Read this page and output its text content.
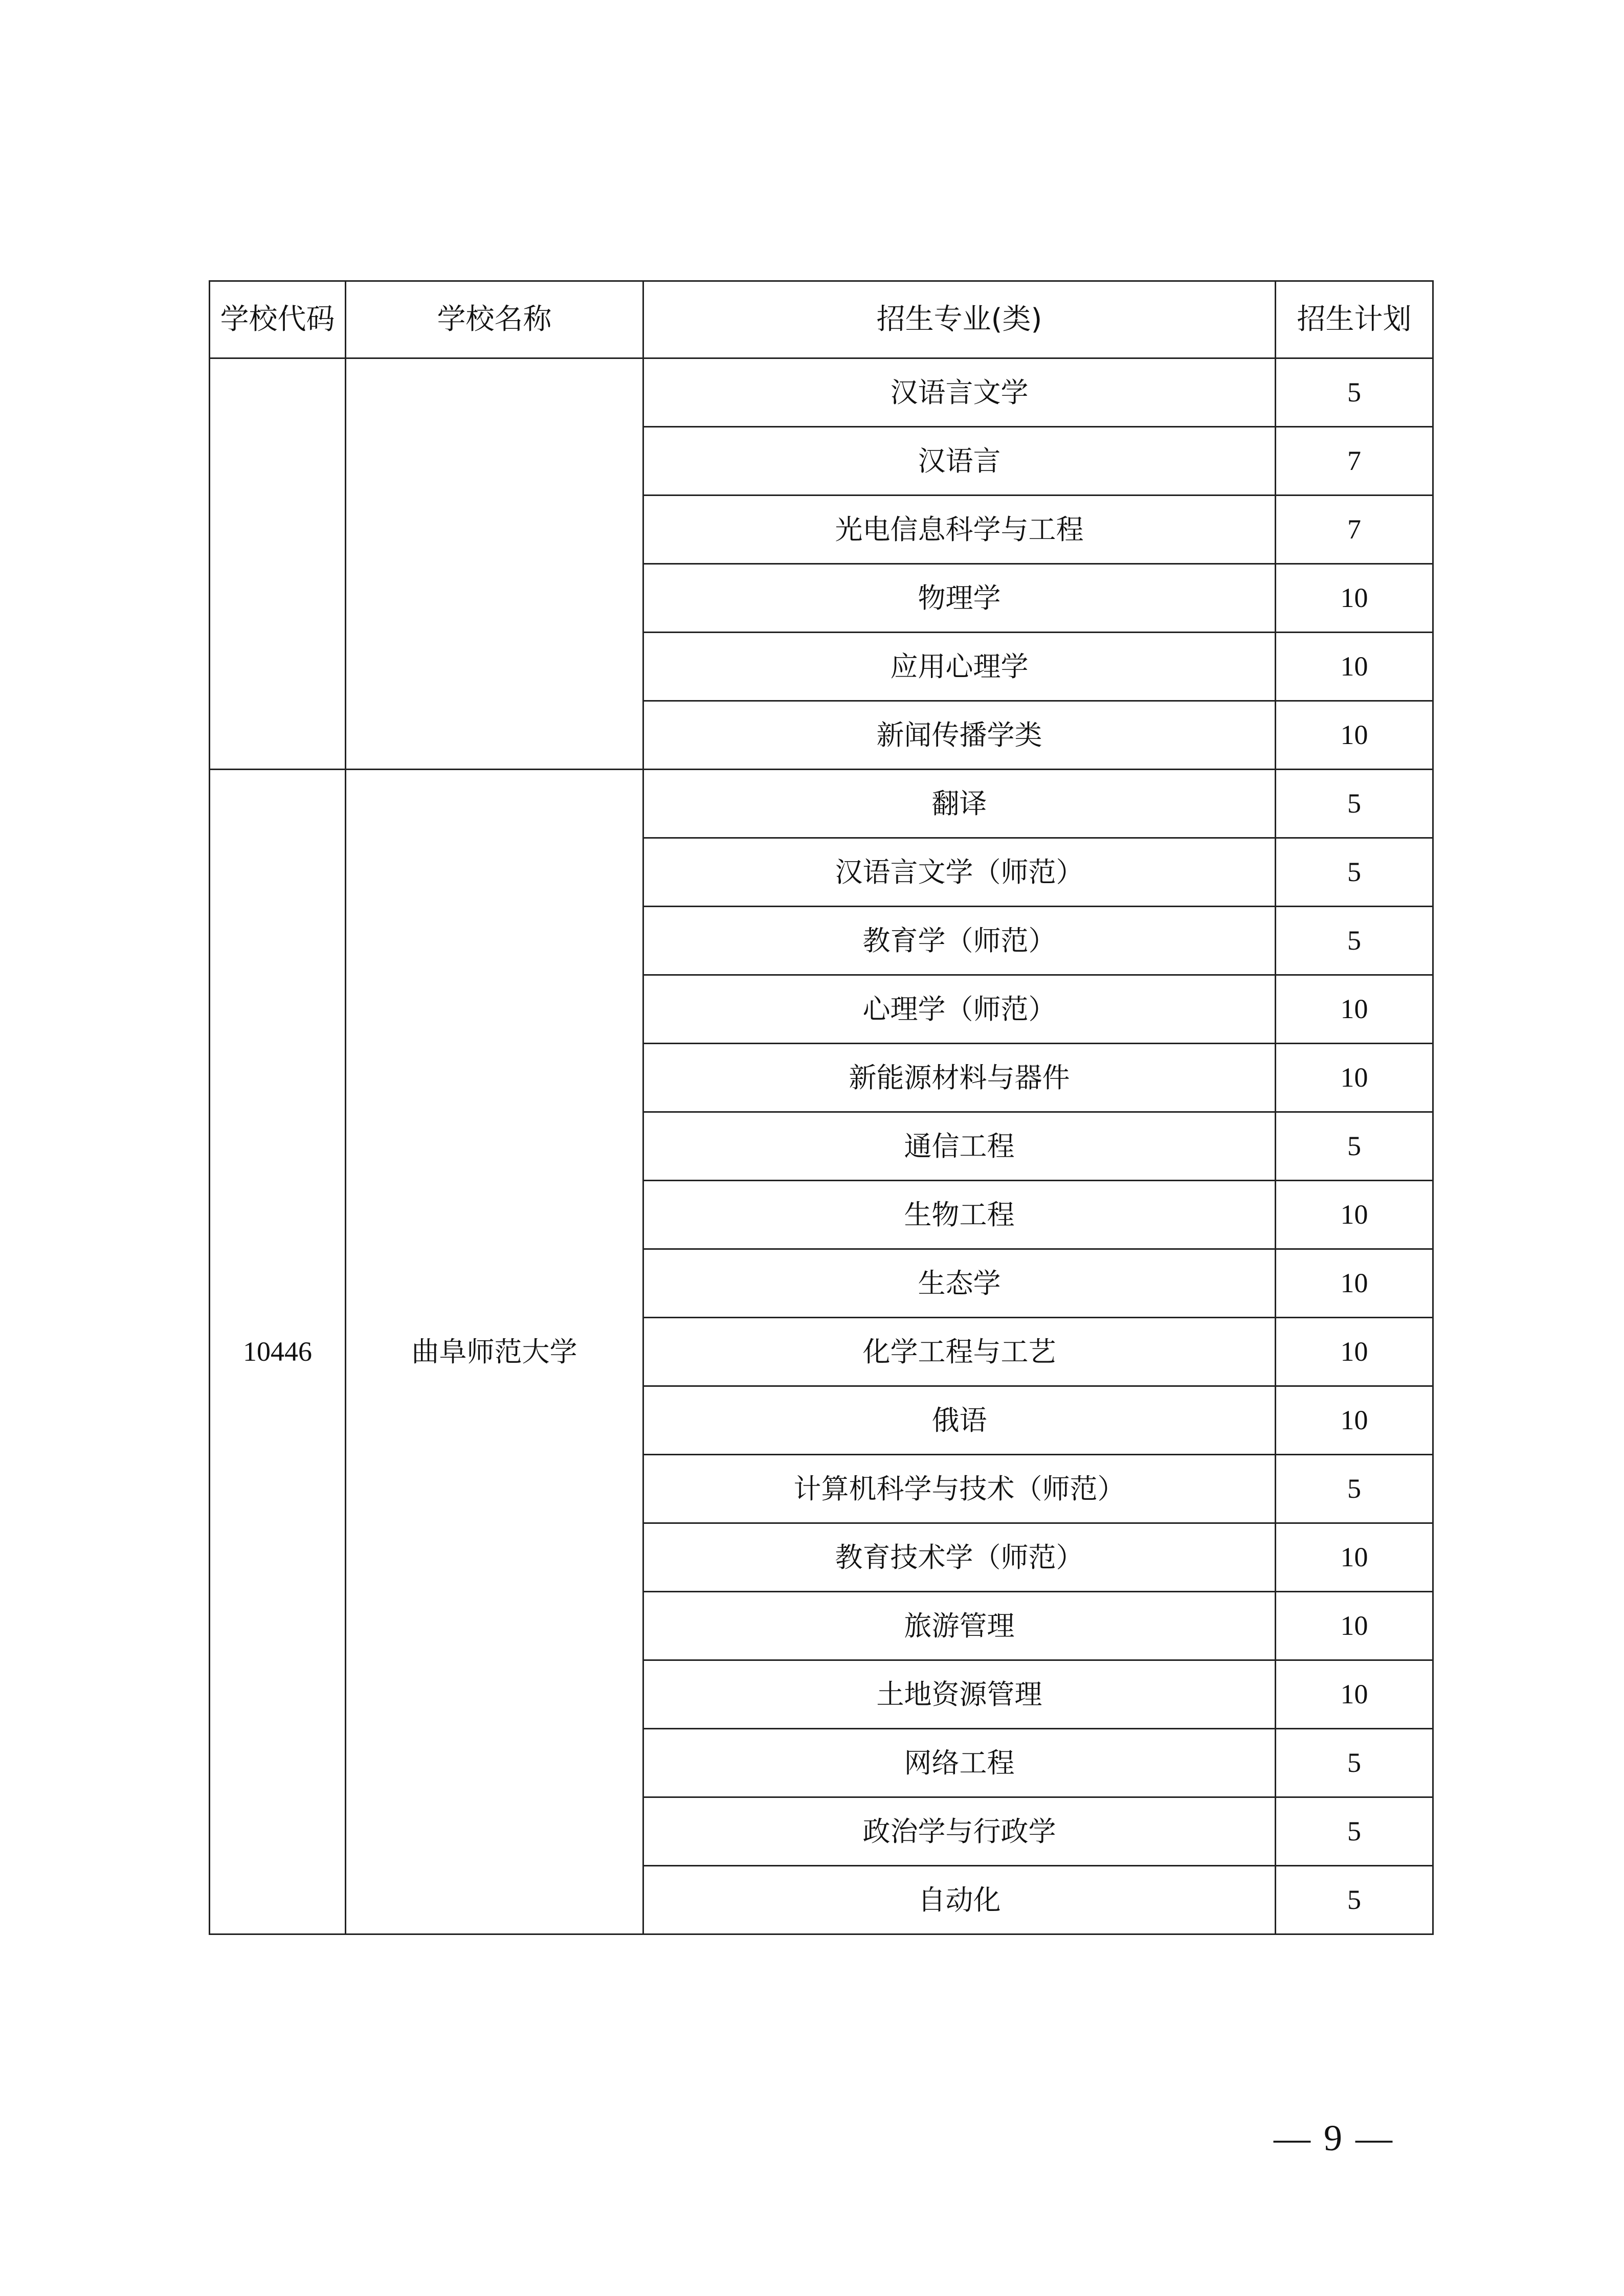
学校代码	学校名称	招生专业(类)	招生计划
		汉语言文学	5
		汉语言	7
		光电信息科学与工程	7
		物理学	10
		应用心理学	10
		新闻传播学类	10
10446	曲阜师范大学	翻译	5
		汉语言文学（师范）	5
		教育学（师范）	5
		心理学（师范）	10
		新能源材料与器件	10
		通信工程	5
		生物工程	10
		生态学	10
		化学工程与工艺	10
		俄语	10
		计算机科学与技术（师范）	5
		教育技术学（师范）	10
		旅游管理	10
		土地资源管理	10
		网络工程	5
		政治学与行政学	5
		自动化	5
— 9 —
